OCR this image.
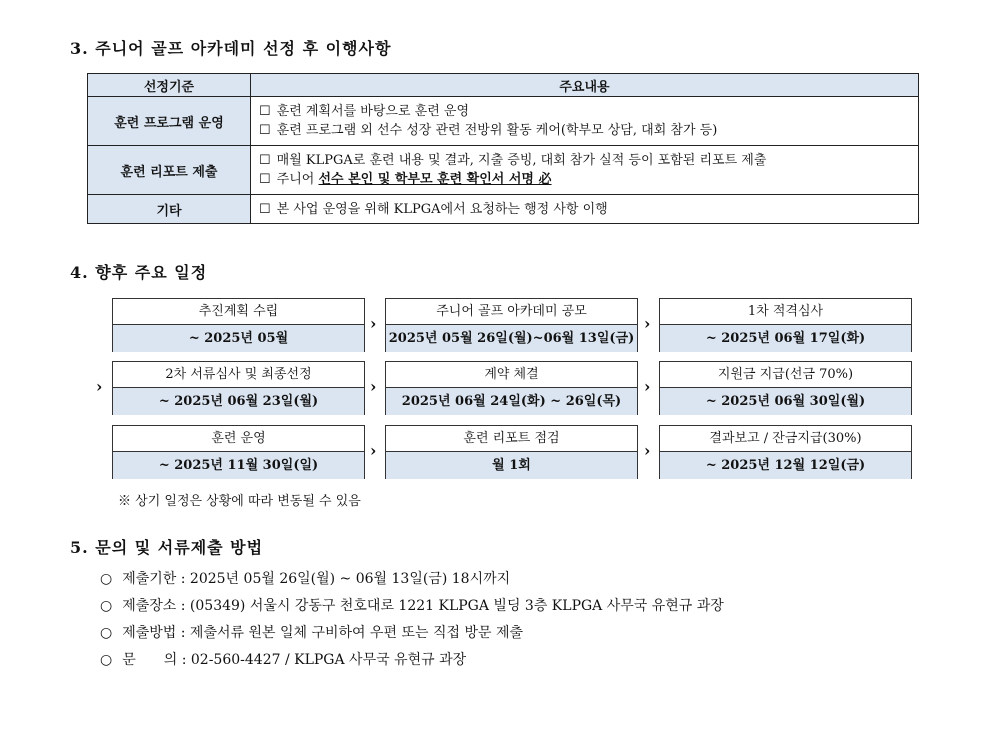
3. 주니어 골프 아카데미 선정 후 이행사항
선정기준	주요내용
훈련 프로그램 운영	☐ 훈련 계획서를 바탕으로 훈련 운영
☐ 훈련 프로그램 외 선수 성장 관련 전방위 활동 케어(학부모 상담, 대회 참가 등)

훈련 리포트 제출	☐ 매월 KLPGA로 훈련 내용 및 결과, 지출 증빙, 대회 참가 실적 등이 포함된 리포트 제출
☐ 주니어 선수 본인 및 학부모 훈련 확인서 서명 必

기타	☐ 본 사업 운영을 위해 KLPGA에서 요청하는 행정 사항 이행
4. 향후 주요 일정
추진계획 수립
~ 2025년 05월
›
주니어 골프 아카데미 공모
2025년 05월 26일(월)~06월 13일(금)
›
1차 적격심사
~ 2025년 06월 17일(화)
›
2차 서류심사 및 최종선정
~ 2025년 06월 23일(월)
›
계약 체결
2025년 06월 24일(화) ~ 26일(목)
›
지원금 지급(선금 70%)
~ 2025년 06월 30일(월)
훈련 운영
~ 2025년 11월 30일(일)
›
훈련 리포트 점검
월 1회
›
결과보고 / 잔금지급(30%)
~ 2025년 12월 12일(금)
※ 상기 일정은 상황에 따라 변동될 수 있음
5. 문의 및 서류제출 방법
○ 제출기한 : 2025년 05월 26일(월) ~ 06월 13일(금) 18시까지
○ 제출장소 : (05349) 서울시 강동구 천호대로 1221 KLPGA 빌딩 3층 KLPGA 사무국 유현규 과장
○ 제출방법 : 제출서류 원본 일체 구비하여 우편 또는 직접 방문 제출
○ 문　　의 : 02-560-4427 / KLPGA 사무국 유현규 과장
